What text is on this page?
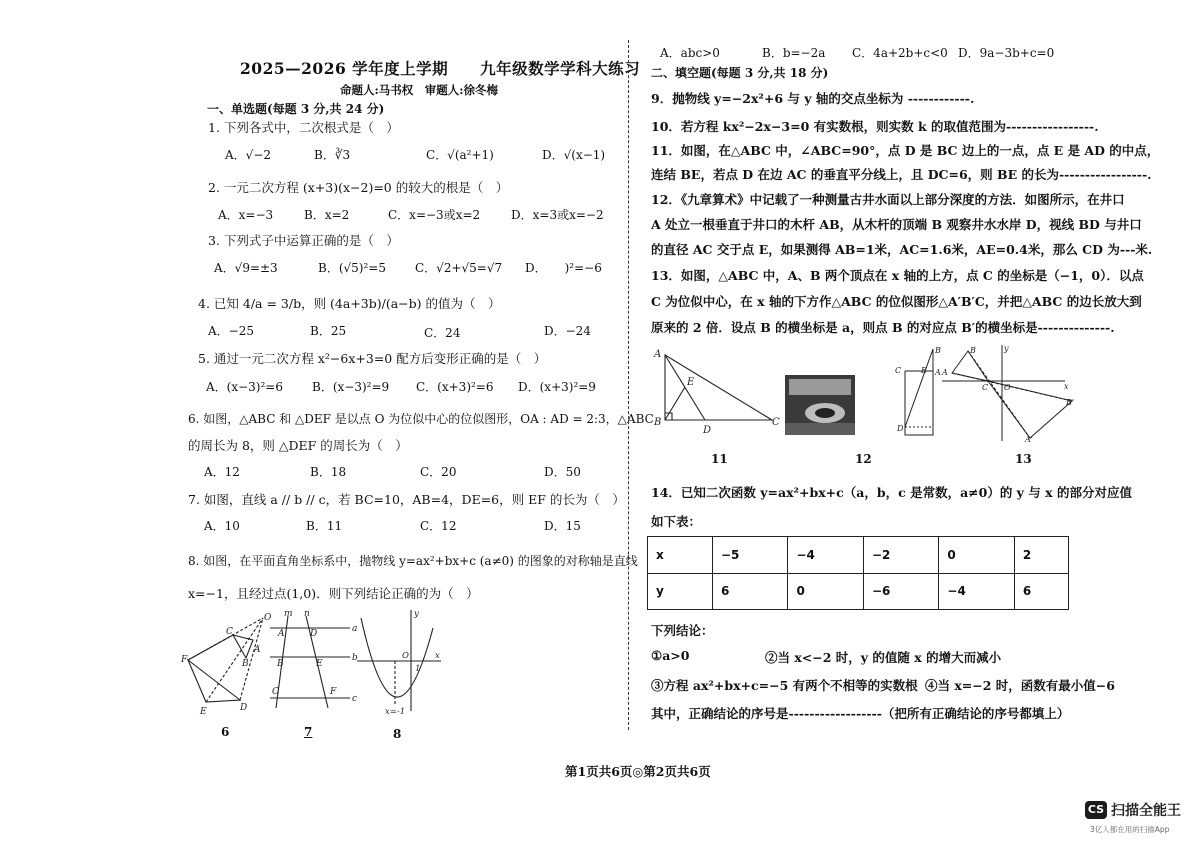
2025—2026 学年度上学期　　九年级数学学科大练习
命题人:马书权　审题人:徐冬梅
一、单选题(每题 3 分,共 24 分)
1. 下列各式中，二次根式是（　）
A．√−2	B．∛3	C．√(a²+1)	D．√(x−1)
2. 一元二次方程 (x+3)(x−2)=0 的较大的根是（　）
A．x=−3	B．x=2	C．x=−3或x=2	D．x=3或x=−2
3. 下列式子中运算正确的是（　）
A．√9=±3	B．(√5)²=5 C．√2+√5=√7 D．　　)²=−6
4. 已知 4/a = 3/b，则 (4a+3b)/(a−b) 的值为（　）
A．−25	B．25	C．24	D．−24
5. 通过一元二次方程 x²−6x+3=0 配方后变形正确的是（　）
A．(x−3)²=6 B．(x−3)²=9 C．(x+3)²=6 D．(x+3)²=9
6. 如图，△ABC 和 △DEF 是以点 O 为位似中心的位似图形，OA : AD = 2:3，△ABC
的周长为 8，则 △DEF 的周长为（　）
A．12	B．18	C．20	D．50
7. 如图，直线 a // b // c，若 BC=10，AB=4，DE=6，则 EF 的长为（　）
A．10	B．11	C．12	D．15
8. 如图，在平面直角坐标系中，抛物线 y=ax²+bx+c (a≠0) 的图象的对称轴是直线
x=−1，且经过点(1,0)．则下列结论正确的为（　）
F
O
C
A
B
E	D
6
m n
a
b
c
A
B
C
D
E
F
7
y
x
O
1
x=-1
8
A．abc>0	B．b=−2a C．4a+2b+c<0 D．9a−3b+c=0
二、填空题(每题 3 分,共 18 分)
9．抛物线 y=−2x²+6 与 y 轴的交点坐标为 ------------.
10．若方程 kx²−2x−3=0 有实数根，则实数 k 的取值范围为-----------------.
11．如图，在△ABC 中，∠ABC=90°，点 D 是 BC 边上的一点，点 E 是 AD 的中点，
连结 BE，若点 D 在边 AC 的垂直平分线上，且 DC=6，则 BE 的长为-----------------.
12．《九章算术》中记载了一种测量古井水面以上部分深度的方法．如图所示，在井口
A 处立一根垂直于井口的木杆 AB，从木杆的顶端 B 观察井水水岸 D，视线 BD 与井口
的直径 AC 交于点 E，如果测得 AB=1米，AC=1.6米，AE=0.4米，那么 CD 为---米.
13．如图，△ABC 中，A、B 两个顶点在 x 轴的上方，点 C 的坐标是（−1，0）．以点
C 为位似中心，在 x 轴的下方作△ABC 的位似图形△A′B′C，并把△ABC 的边长放大到
原来的 2 倍．设点 B 的横坐标是 a，则点 B 的对应点 B′的横坐标是--------------.
A
B	C
D
E
11	12
C	A
B
D
E
y
x
A
B
C O
A'
B'
13
14．已知二次函数 y=ax²+bx+c（a，b，c 是常数，a≠0）的 y 与 x 的部分对应值
如下表：
x	−5	−4	−2	0	2
y	6	0	−6	−4	6
下列结论：
①a>0	②当 x<−2 时，y 的值随 x 的增大而减小
③方程 ax²+bx+c=−5 有两个不相等的实数根 ④当 x=−2 时，函数有最小值−6
其中，正确结论的序号是------------------（把所有正确结论的序号都填上）
第1页共6页◎第2页共6页
CS 扫描全能王
3亿人都在用的扫描App
